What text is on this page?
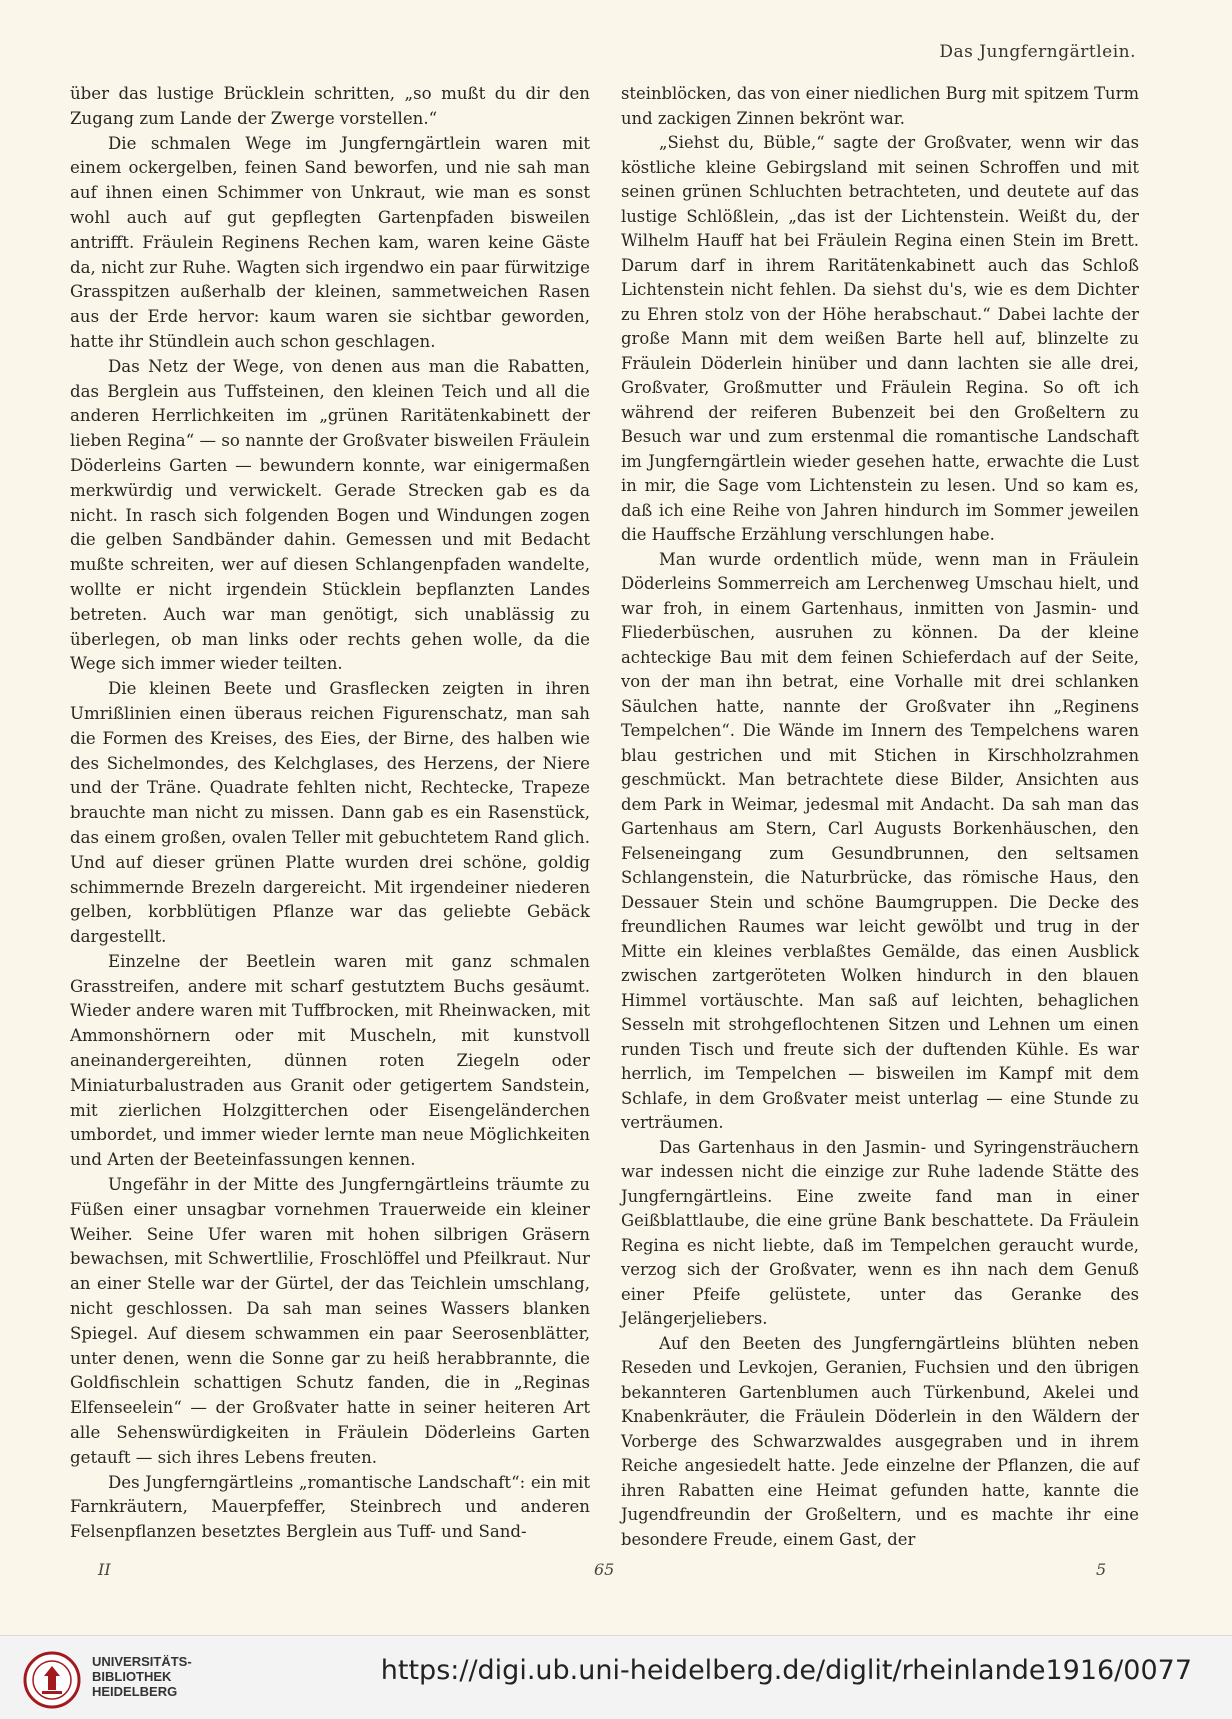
Das Jungferngärtlein.

über das lustige Brücklein schritten, „so mußt du dir den Zugang zum Lande der Zwerge vorstellen.“

Die schmalen Wege im Jungferngärtlein waren mit einem ockergelben, feinen Sand beworfen, und nie sah man auf ihnen einen Schimmer von Unkraut, wie man es sonst wohl auch auf gut gepflegten Gartenpfaden bisweilen antrifft. Fräulein Reginens Rechen kam, waren keine Gäste da, nicht zur Ruhe. Wagten sich irgendwo ein paar fürwitzige Grasspitzen außerhalb der kleinen, sammetweichen Rasen aus der Erde hervor: kaum waren sie sichtbar geworden, hatte ihr Stündlein auch schon geschlagen.

Das Netz der Wege, von denen aus man die Rabatten, das Berglein aus Tuffsteinen, den kleinen Teich und all die anderen Herrlichkeiten im „grünen Raritätenkabinett der lieben Regina“ — so nannte der Großvater bisweilen Fräulein Döderleins Garten — bewundern konnte, war einigermaßen merkwürdig und verwickelt. Gerade Strecken gab es da nicht. In rasch sich folgenden Bogen und Windungen zogen die gelben Sandbänder dahin. Gemessen und mit Bedacht mußte schreiten, wer auf diesen Schlangenpfaden wandelte, wollte er nicht irgendein Stücklein bepflanzten Landes betreten. Auch war man genötigt, sich unablässig zu überlegen, ob man links oder rechts gehen wolle, da die Wege sich immer wieder teilten.

Die kleinen Beete und Grasflecken zeigten in ihren Umrißlinien einen überaus reichen Figurenschatz, man sah die Formen des Kreises, des Eies, der Birne, des halben wie des Sichelmondes, des Kelchglases, des Herzens, der Niere und der Träne. Quadrate fehlten nicht, Rechtecke, Trapeze brauchte man nicht zu missen. Dann gab es ein Rasenstück, das einem großen, ovalen Teller mit gebuchtetem Rand glich. Und auf dieser grünen Platte wurden drei schöne, goldig schimmernde Brezeln dargereicht. Mit irgendeiner niederen gelben, korbblütigen Pflanze war das geliebte Gebäck dargestellt.

Einzelne der Beetlein waren mit ganz schmalen Grasstreifen, andere mit scharf gestutztem Buchs gesäumt. Wieder andere waren mit Tuffbrocken, mit Rheinwacken, mit Ammonshörnern oder mit Muscheln, mit kunstvoll aneinandergereihten, dünnen roten Ziegeln oder Miniaturbalustraden aus Granit oder getigertem Sandstein, mit zierlichen Holzgitterchen oder Eisengeländerchen umbordet, und immer wieder lernte man neue Möglichkeiten und Arten der Beeteinfassungen kennen.

Ungefähr in der Mitte des Jungferngärtleins träumte zu Füßen einer unsagbar vornehmen Trauerweide ein kleiner Weiher. Seine Ufer waren mit hohen silbrigen Gräsern bewachsen, mit Schwertlilie, Froschlöffel und Pfeilkraut. Nur an einer Stelle war der Gürtel, der das Teichlein umschlang, nicht geschlossen. Da sah man seines Wassers blanken Spiegel. Auf diesem schwammen ein paar Seerosenblätter, unter denen, wenn die Sonne gar zu heiß herabbrannte, die Goldfischlein schattigen Schutz fanden, die in „Reginas Elfenseelein“ — der Großvater hatte in seiner heiteren Art alle Sehenswürdigkeiten in Fräulein Döderleins Garten getauft — sich ihres Lebens freuten.

Des Jungferngärtleins „romantische Landschaft“: ein mit Farnkräutern, Mauerpfeffer, Steinbrech und anderen Felsenpflanzen besetztes Berglein aus Tuff- und Sand-

steinblöcken, das von einer niedlichen Burg mit spitzem Turm und zackigen Zinnen bekrönt war.

„Siehst du, Büble,“ sagte der Großvater, wenn wir das köstliche kleine Gebirgsland mit seinen Schroffen und mit seinen grünen Schluchten betrachteten, und deutete auf das lustige Schlößlein, „das ist der Lichtenstein. Weißt du, der Wilhelm Hauff hat bei Fräulein Regina einen Stein im Brett. Darum darf in ihrem Raritätenkabinett auch das Schloß Lichtenstein nicht fehlen. Da siehst du's, wie es dem Dichter zu Ehren stolz von der Höhe herabschaut.“ Dabei lachte der große Mann mit dem weißen Barte hell auf, blinzelte zu Fräulein Döderlein hinüber und dann lachten sie alle drei, Großvater, Großmutter und Fräulein Regina. So oft ich während der reiferen Bubenzeit bei den Großeltern zu Besuch war und zum erstenmal die romantische Landschaft im Jungferngärtlein wieder gesehen hatte, erwachte die Lust in mir, die Sage vom Lichtenstein zu lesen. Und so kam es, daß ich eine Reihe von Jahren hindurch im Sommer jeweilen die Hauffsche Erzählung verschlungen habe.

Man wurde ordentlich müde, wenn man in Fräulein Döderleins Sommerreich am Lerchenweg Umschau hielt, und war froh, in einem Gartenhaus, inmitten von Jasmin- und Fliederbüschen, ausruhen zu können. Da der kleine achteckige Bau mit dem feinen Schieferdach auf der Seite, von der man ihn betrat, eine Vorhalle mit drei schlanken Säulchen hatte, nannte der Großvater ihn „Reginens Tempelchen“. Die Wände im Innern des Tempelchens waren blau gestrichen und mit Stichen in Kirschholzrahmen geschmückt. Man betrachtete diese Bilder, Ansichten aus dem Park in Weimar, jedesmal mit Andacht. Da sah man das Gartenhaus am Stern, Carl Augusts Borkenhäuschen, den Felseneingang zum Gesundbrunnen, den seltsamen Schlangenstein, die Naturbrücke, das römische Haus, den Dessauer Stein und schöne Baumgruppen. Die Decke des freundlichen Raumes war leicht gewölbt und trug in der Mitte ein kleines verblaßtes Gemälde, das einen Ausblick zwischen zartgeröteten Wolken hindurch in den blauen Himmel vortäuschte. Man saß auf leichten, behaglichen Sesseln mit strohgeflochtenen Sitzen und Lehnen um einen runden Tisch und freute sich der duftenden Kühle. Es war herrlich, im Tempelchen — bisweilen im Kampf mit dem Schlafe, in dem Großvater meist unterlag — eine Stunde zu verträumen.

Das Gartenhaus in den Jasmin- und Syringensträuchern war indessen nicht die einzige zur Ruhe ladende Stätte des Jungferngärtleins. Eine zweite fand man in einer Geißblattlaube, die eine grüne Bank beschattete. Da Fräulein Regina es nicht liebte, daß im Tempelchen geraucht wurde, verzog sich der Großvater, wenn es ihn nach dem Genuß einer Pfeife gelüstete, unter das Geranke des Jelängerjeliebers.

Auf den Beeten des Jungferngärtleins blühten neben Reseden und Levkojen, Geranien, Fuchsien und den übrigen bekannteren Gartenblumen auch Türkenbund, Akelei und Knabenkräuter, die Fräulein Döderlein in den Wäldern der Vorberge des Schwarzwaldes ausgegraben und in ihrem Reiche angesiedelt hatte. Jede einzelne der Pflanzen, die auf ihren Rabatten eine Heimat gefunden hatte, kannte die Jugendfreundin der Großeltern, und es machte ihr eine besondere Freude, einem Gast, der

II	65	5
UNIVERSITÄTS-
BIBLIOTHEK
HEIDELBERG
https://digi.ub.uni-heidelberg.de/diglit/rheinlande1916/0077
